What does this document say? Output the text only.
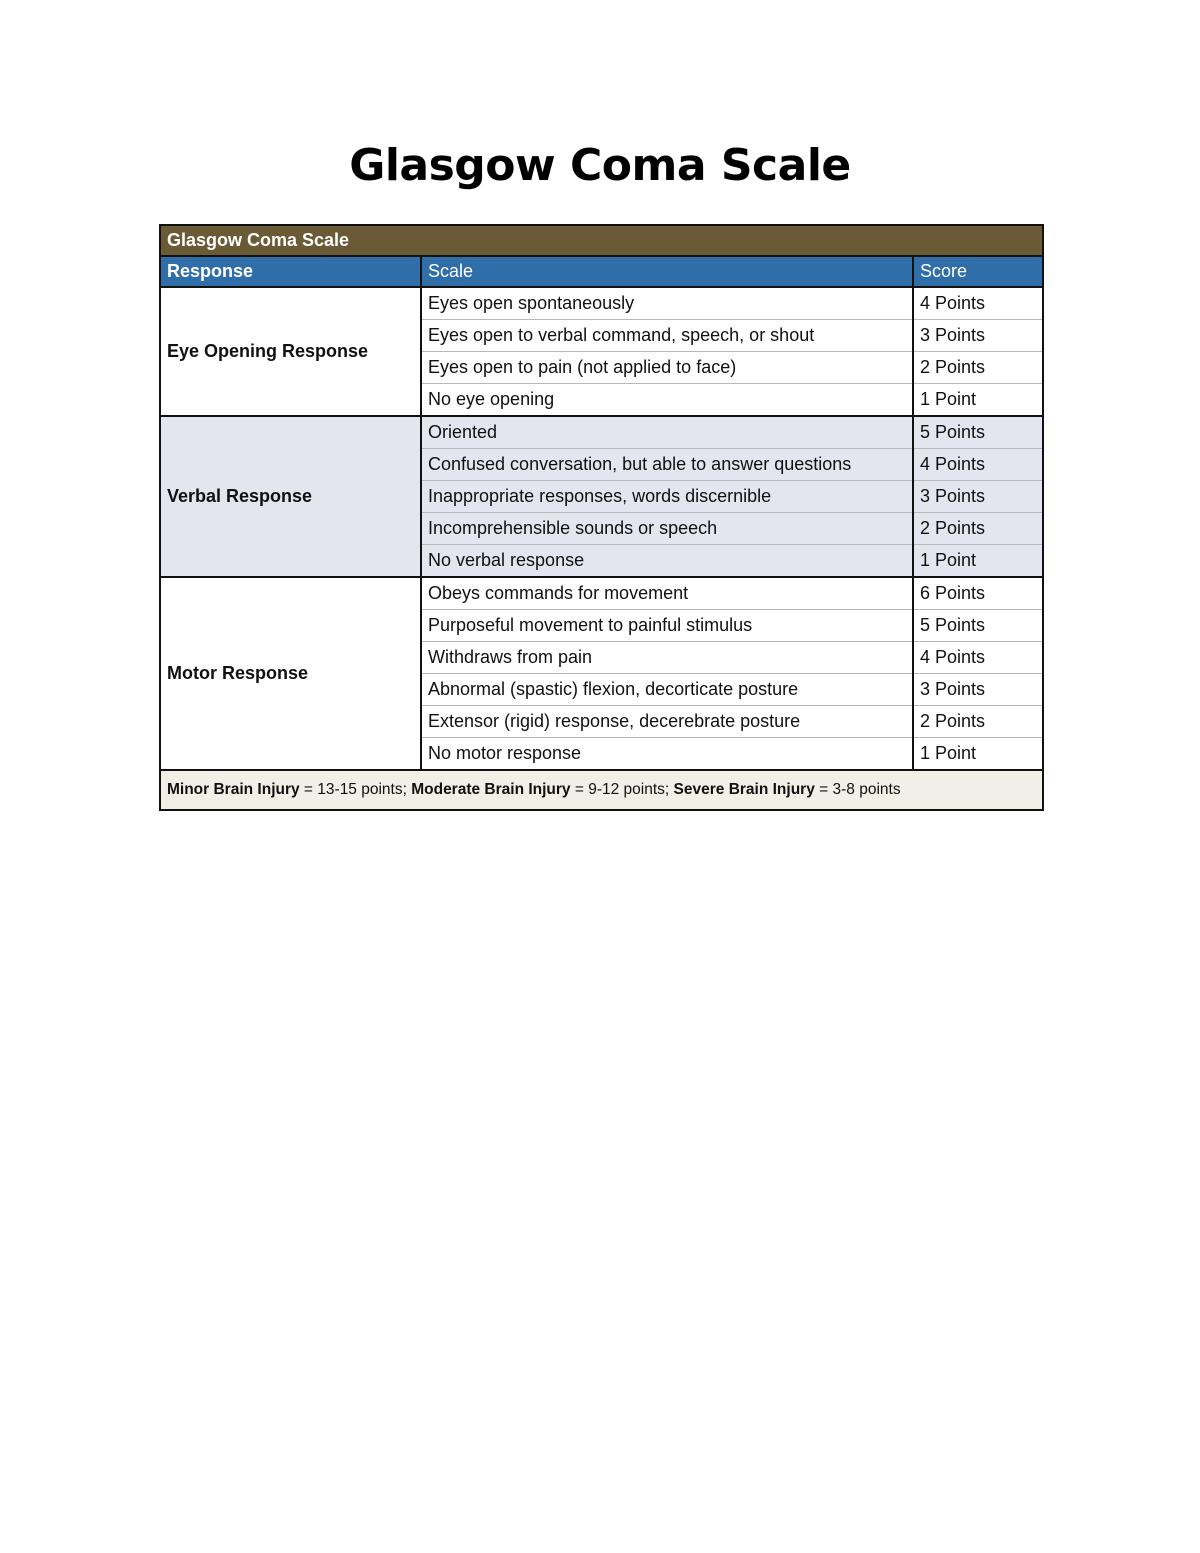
Glasgow Coma Scale
Glasgow Coma Scale		
Response	Scale	Score
Eye Opening Response	Eyes open spontaneously	4 Points
	Eyes open to verbal command, speech, or shout	3 Points
	Eyes open to pain (not applied to face)	2 Points
	No eye opening	1 Point
Verbal Response	Oriented	5 Points
	Confused conversation, but able to answer questions	4 Points
	Inappropriate responses, words discernible	3 Points
	Incomprehensible sounds or speech	2 Points
	No verbal response	1 Point
Motor Response	Obeys commands for movement	6 Points
	Purposeful movement to painful stimulus	5 Points
	Withdraws from pain	4 Points
	Abnormal (spastic) flexion, decorticate posture	3 Points
	Extensor (rigid) response, decerebrate posture	2 Points
	No motor response	1 Point
Minor Brain Injury = 13-15 points; Moderate Brain Injury = 9-12 points; Severe Brain Injury = 3-8 points		
